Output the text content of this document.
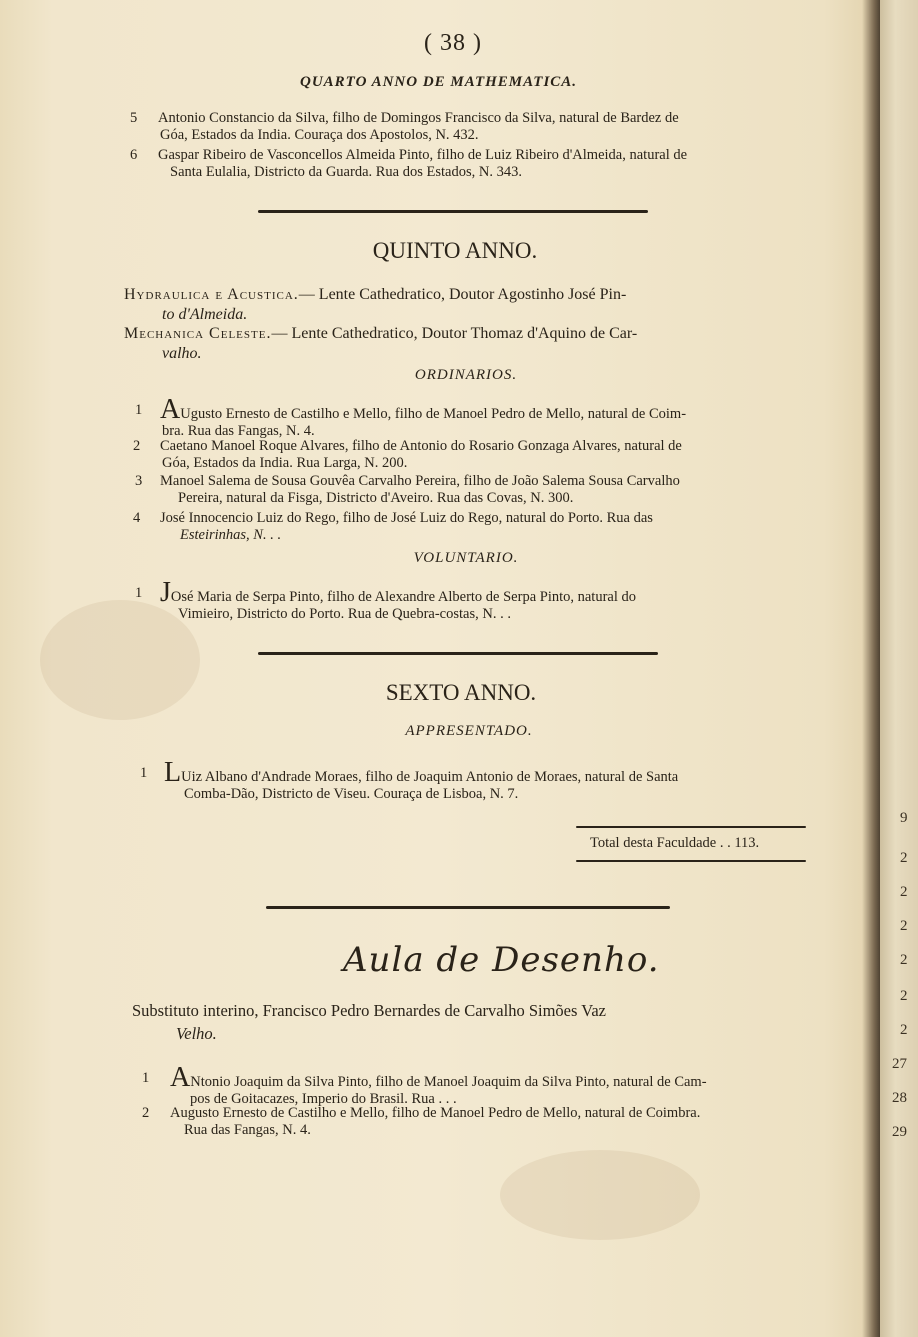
9
2
2
2
2
2
2
27
28
29
( 38 )
QUARTO ANNO DE MATHEMATICA.
5 Antonio Constancio da Silva, filho de Domingos Francisco da Silva, natural de Bardez de
Góa, Estados da India. Couraça dos Apostolos, N. 432.
6 Gaspar Ribeiro de Vasconcellos Almeida Pinto, filho de Luiz Ribeiro d'Almeida, natural de
Santa Eulalia, Districto da Guarda. Rua dos Estados, N. 343.
QUINTO ANNO.
Hydraulica e Acustica.— Lente Cathedratico, Doutor Agostinho José Pin-
to d'Almeida.
Mechanica Celeste.— Lente Cathedratico, Doutor Thomaz d'Aquino de Car-
valho.
ORDINARIOS.
1 AUgusto Ernesto de Castilho e Mello, filho de Manoel Pedro de Mello, natural de Coim-
bra. Rua das Fangas, N. 4.
2 Caetano Manoel Roque Alvares, filho de Antonio do Rosario Gonzaga Alvares, natural de
Góa, Estados da India. Rua Larga, N. 200.
3 Manoel Salema de Sousa Gouvêa Carvalho Pereira, filho de João Salema Sousa Carvalho
Pereira, natural da Fisga, Districto d'Aveiro. Rua das Covas, N. 300.
4 José Innocencio Luiz do Rego, filho de José Luiz do Rego, natural do Porto. Rua das
Esteirinhas, N. . .
VOLUNTARIO.
1 JOsé Maria de Serpa Pinto, filho de Alexandre Alberto de Serpa Pinto, natural do
Vimieiro, Districto do Porto. Rua de Quebra-costas, N. . .
SEXTO ANNO.
APPRESENTADO.
1 LUiz Albano d'Andrade Moraes, filho de Joaquim Antonio de Moraes, natural de Santa
Comba-Dão, Districto de Viseu. Couraça de Lisboa, N. 7.
Total desta Faculdade . . 113.
Aula de Desenho.
Substituto interino, Francisco Pedro Bernardes de Carvalho Simões Vaz
Velho.
1 ANtonio Joaquim da Silva Pinto, filho de Manoel Joaquim da Silva Pinto, natural de Cam-
pos de Goitacazes, Imperio do Brasil. Rua . . .
2 Augusto Ernesto de Castilho e Mello, filho de Manoel Pedro de Mello, natural de Coimbra.
Rua das Fangas, N. 4.
